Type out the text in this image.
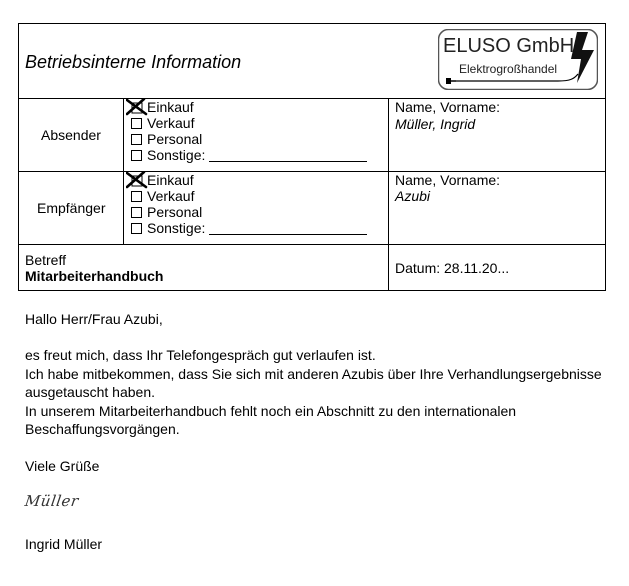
Betriebsinterne Information
ELUSO GmbH
Elektrogroßhandel
Absender
Einkauf
Verkauf
Personal
Sonstige:
Name, Vorname:
Müller, Ingrid
Empfänger
Einkauf
Verkauf
Personal
Sonstige:
Name, Vorname:
Azubi
Betreff
Mitarbeiterhandbuch	Datum: 28.11.20...
Hallo Herr/Frau Azubi,
es freut mich, dass Ihr Telefongespräch gut verlaufen ist.
Ich habe mitbekommen, dass Sie sich mit anderen Azubis über Ihre Verhandlungsergebnisse
ausgetauscht haben.
In unserem Mitarbeiterhandbuch fehlt noch ein Abschnitt zu den internationalen
Beschaffungsvorgängen.
Viele Grüße
Müller
Ingrid Müller
